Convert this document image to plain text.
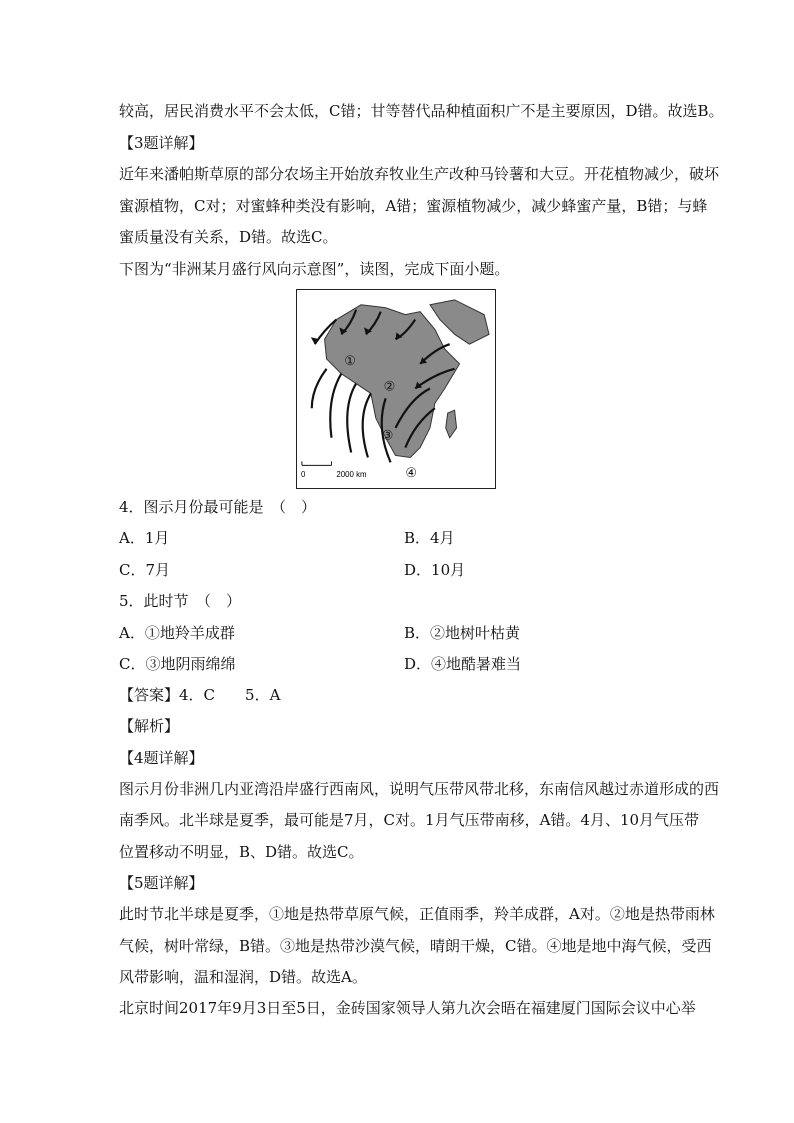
较高，居民消费水平不会太低，C错；甘等替代品种植面积广不是主要原因，D错。故选B。
【3题详解】
近年来潘帕斯草原的部分农场主开始放弃牧业生产改种马铃薯和大豆。开花植物减少，破坏
蜜源植物，C对；对蜜蜂种类没有影响，A错；蜜源植物减少，减少蜂蜜产量，B错；与蜂
蜜质量没有关系，D错。故选C。
下图为“非洲某月盛行风向示意图”，读图，完成下面小题。
①
②
③
④
0	2000 km
4．图示月份最可能是　（　）
A．1月	B．4月
C．7月	D．10月
5．此时节　（　）
A．①地羚羊成群	B．②地树叶枯黄
C．③地阴雨绵绵	D．④地酷暑难当
【答案】4．C　　5．A
【解析】
【4题详解】
图示月份非洲几内亚湾沿岸盛行西南风，说明气压带风带北移，东南信风越过赤道形成的西
南季风。北半球是夏季，最可能是7月，C对。1月气压带南移，A错。4月、10月气压带
位置移动不明显，B、D错。故选C。
【5题详解】
此时节北半球是夏季，①地是热带草原气候，正值雨季，羚羊成群，A对。②地是热带雨林
气候，树叶常绿，B错。③地是热带沙漠气候，晴朗干燥，C错。④地是地中海气候，受西
风带影响，温和湿润，D错。故选A。
北京时间2017年9月3日至5日，金砖国家领导人第九次会晤在福建厦门国际会议中心举
